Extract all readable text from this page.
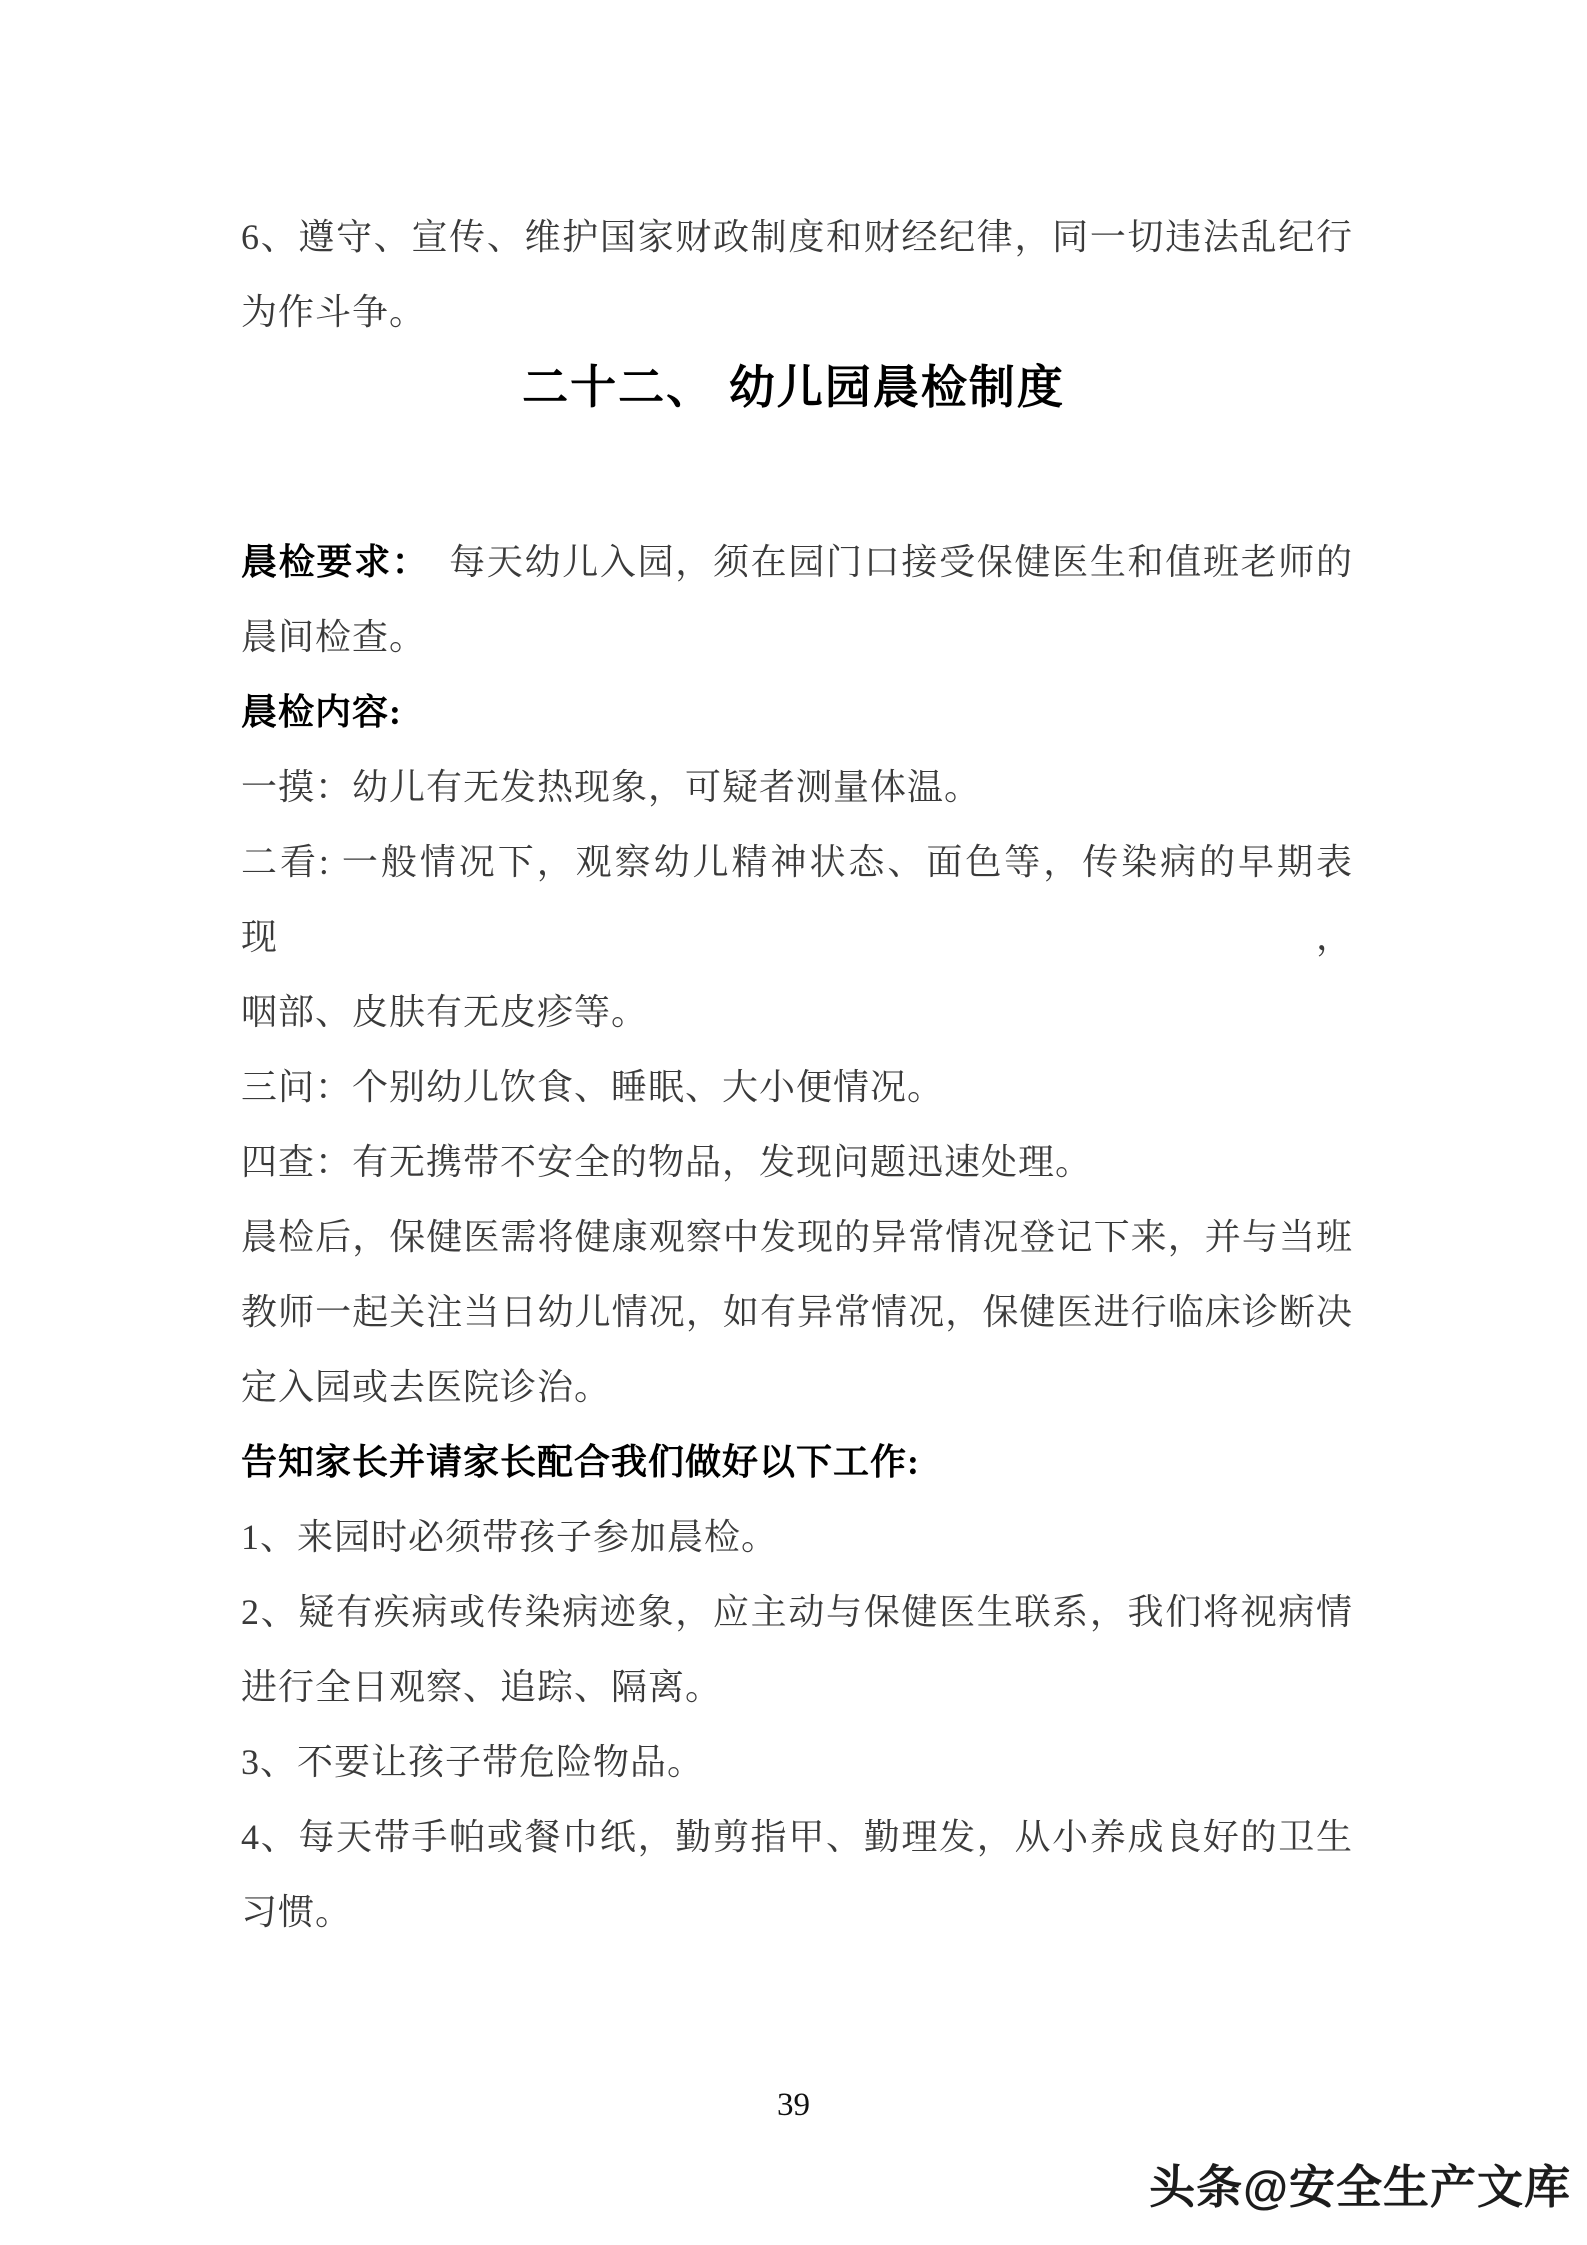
6、遵守、宣传、维护国家财政制度和财经纪律，同一切违法乱纪行
为作斗争。
二十二、 幼儿园晨检制度
晨检要求：　每天幼儿入园，须在园门口接受保健医生和值班老师的
晨间检查。
晨检内容:
一摸：幼儿有无发热现象，可疑者测量体温。
二看: 一般情况下，观察幼儿精神状态、面色等，传染病的早期表现，
咽部、皮肤有无皮疹等。
三问：个别幼儿饮食、睡眠、大小便情况。
四查：有无携带不安全的物品，发现问题迅速处理。
晨检后，保健医需将健康观察中发现的异常情况登记下来，并与当班
教师一起关注当日幼儿情况，如有异常情况，保健医进行临床诊断决
定入园或去医院诊治。
告知家长并请家长配合我们做好以下工作:
1、来园时必须带孩子参加晨检。
2、疑有疾病或传染病迹象，应主动与保健医生联系，我们将视病情
进行全日观察、追踪、隔离。
3、不要让孩子带危险物品。
4、每天带手帕或餐巾纸，勤剪指甲、勤理发，从小养成良好的卫生
习惯。
39
头条@安全生产文库
